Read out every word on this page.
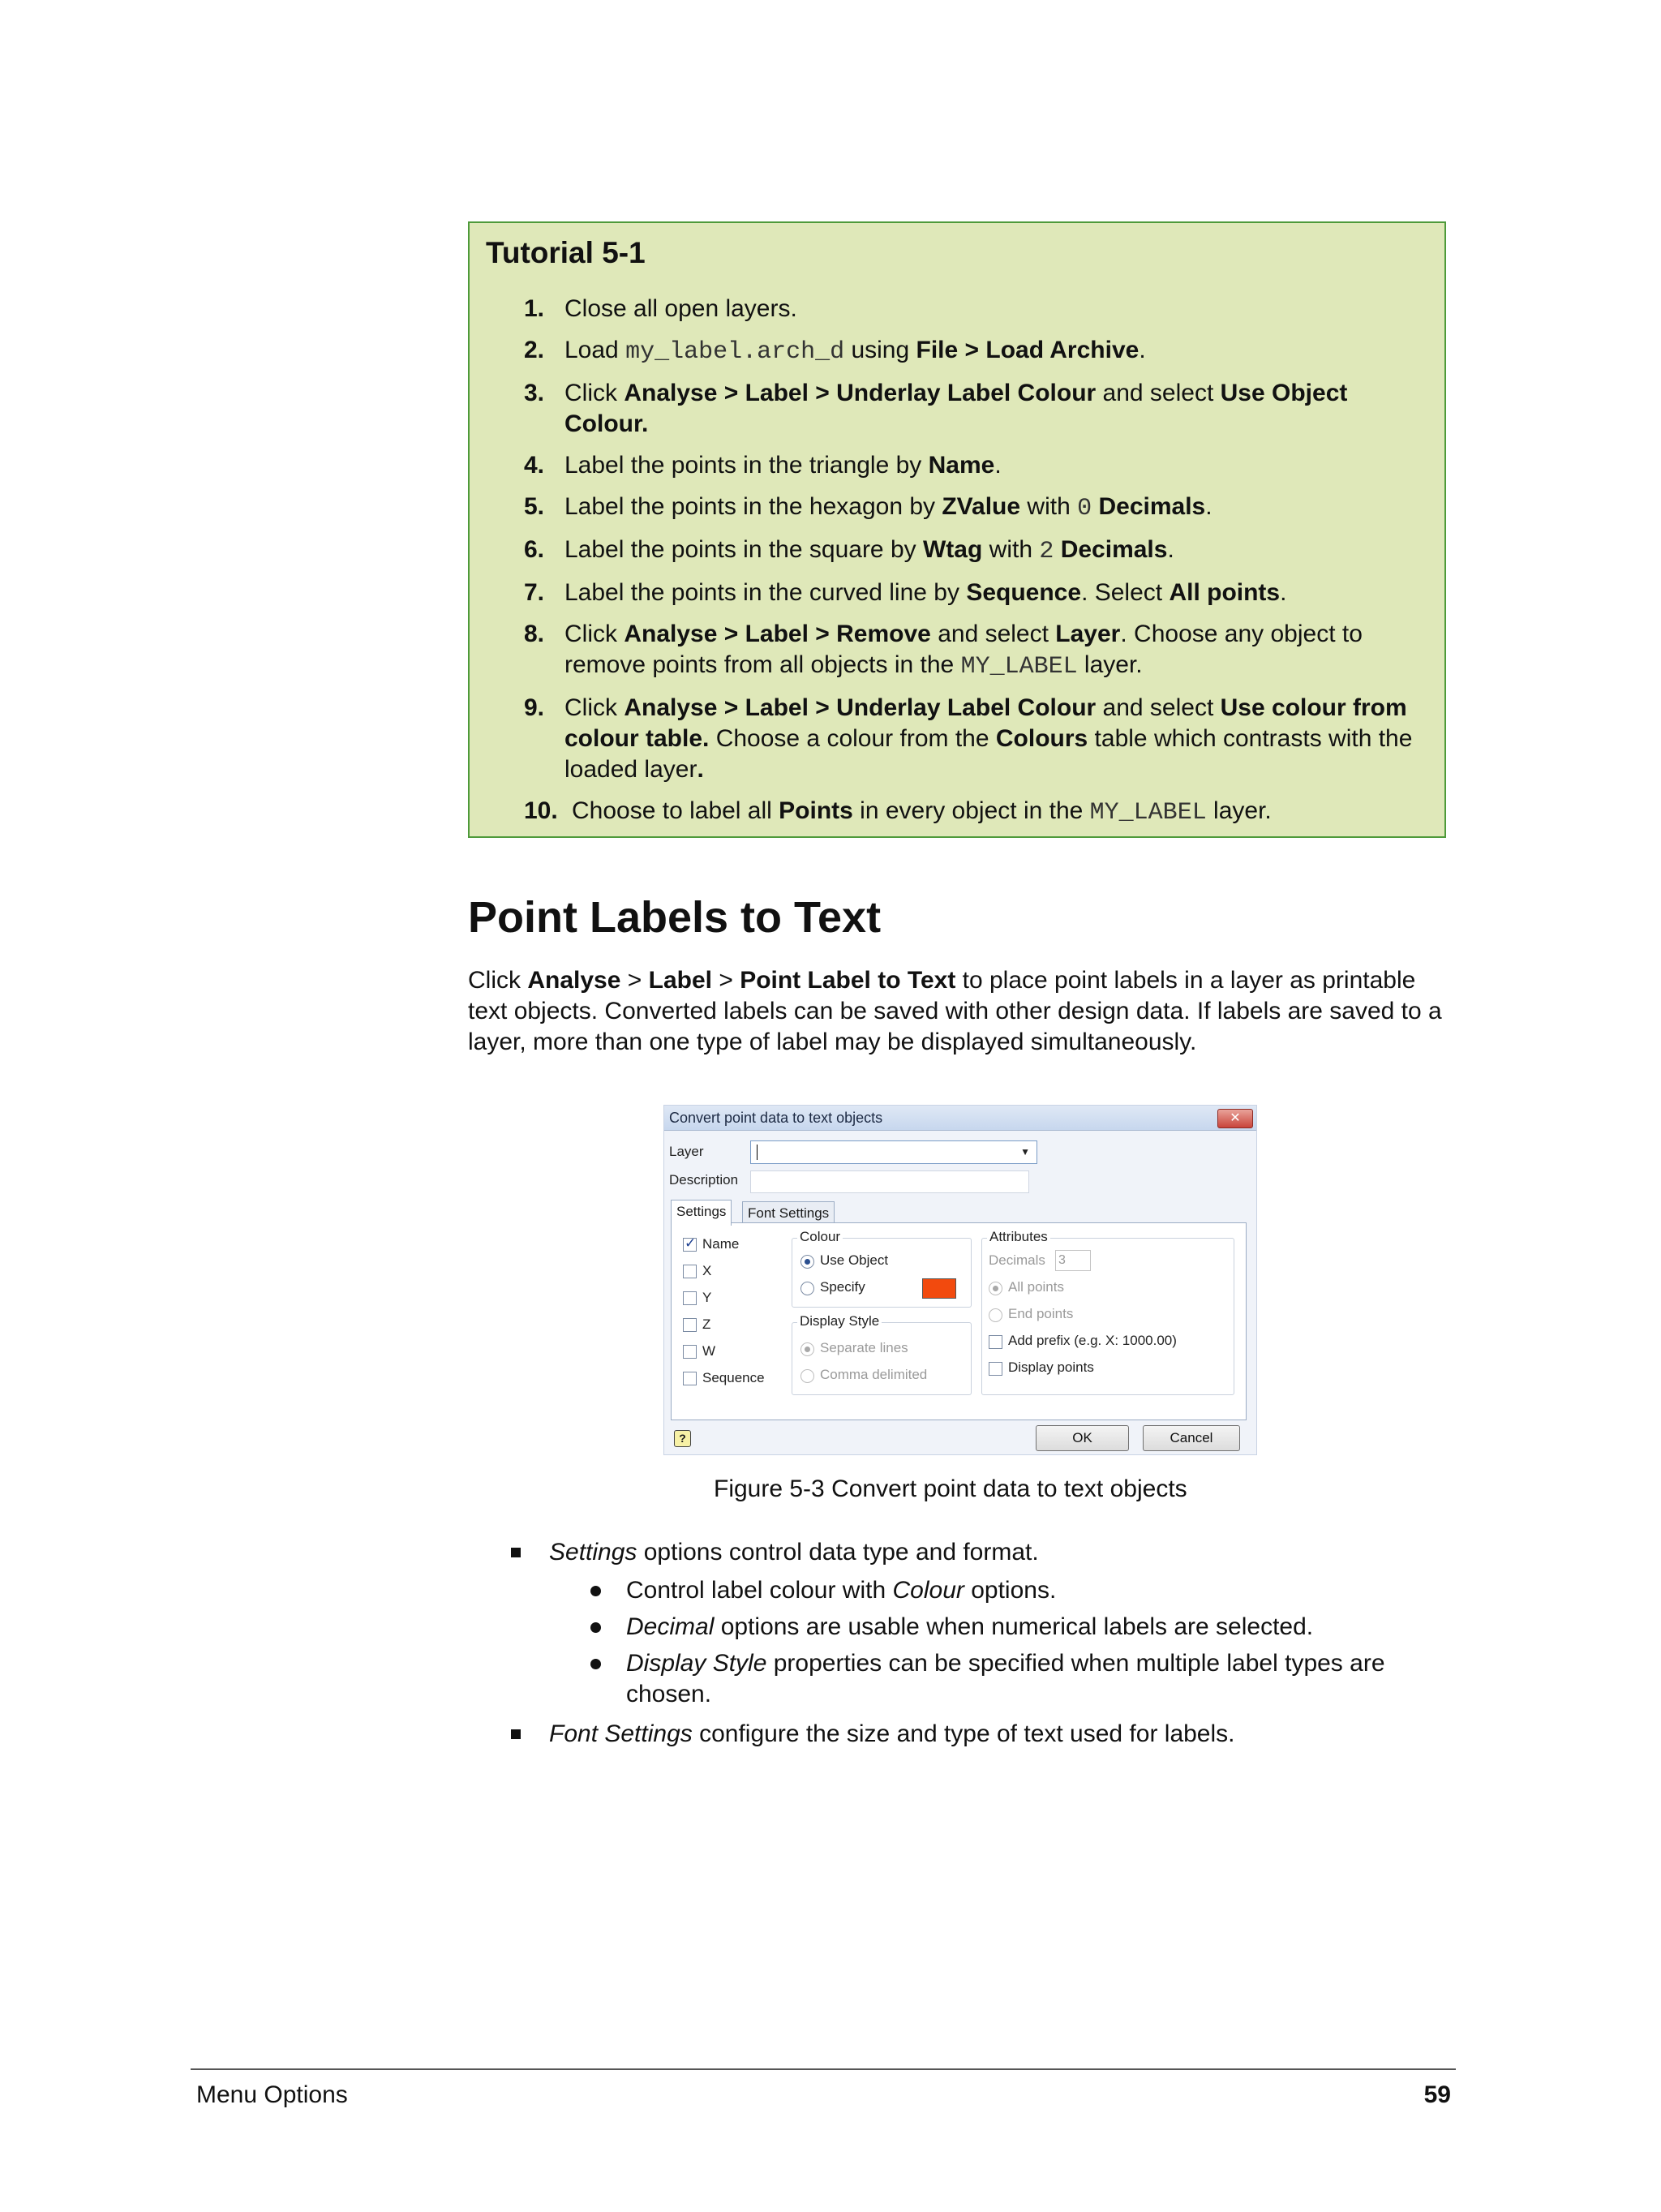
Tutorial 5-1
1. Close all open layers.
2. Load my_label.arch_d using File > Load Archive.
3. Click Analyse > Label > Underlay Label Colour and select Use Object Colour.
4. Label the points in the triangle by Name.
5. Label the points in the hexagon by ZValue with 0 Decimals.
6. Label the points in the square by Wtag with 2 Decimals.
7. Label the points in the curved line by Sequence. Select All points.
8. Click Analyse > Label > Remove and select Layer. Choose any object to remove points from all objects in the MY_LABEL layer.
9. Click Analyse > Label > Underlay Label Colour and select Use colour from colour table. Choose a colour from the Colours table which contrasts with the loaded layer.
10. Choose to label all Points in every object in the MY_LABEL layer.
Point Labels to Text
Click Analyse > Label > Point Label to Text to place point labels in a layer as printable text objects. Converted labels can be saved with other design data. If labels are saved to a layer, more than one type of label may be displayed simultaneously.
Convert point data to text objects	✕
Layer	▼
Description
Settings	Font Settings
✓
Name
X
Y
Z
W
Sequence
Colour
Use Object
Specify
Display Style
Separate lines
Comma delimited
Attributes
Decimals 3
All points
End points
Add prefix (e.g. X: 1000.00)
Display points
?	OK	Cancel
Figure 5-3 Convert point data to text objects
Settings options control data type and format.
Control label colour with Colour options.
Decimal options are usable when numerical labels are selected.
Display Style properties can be specified when multiple label types are chosen.
Font Settings configure the size and type of text used for labels.
Menu Options	59
